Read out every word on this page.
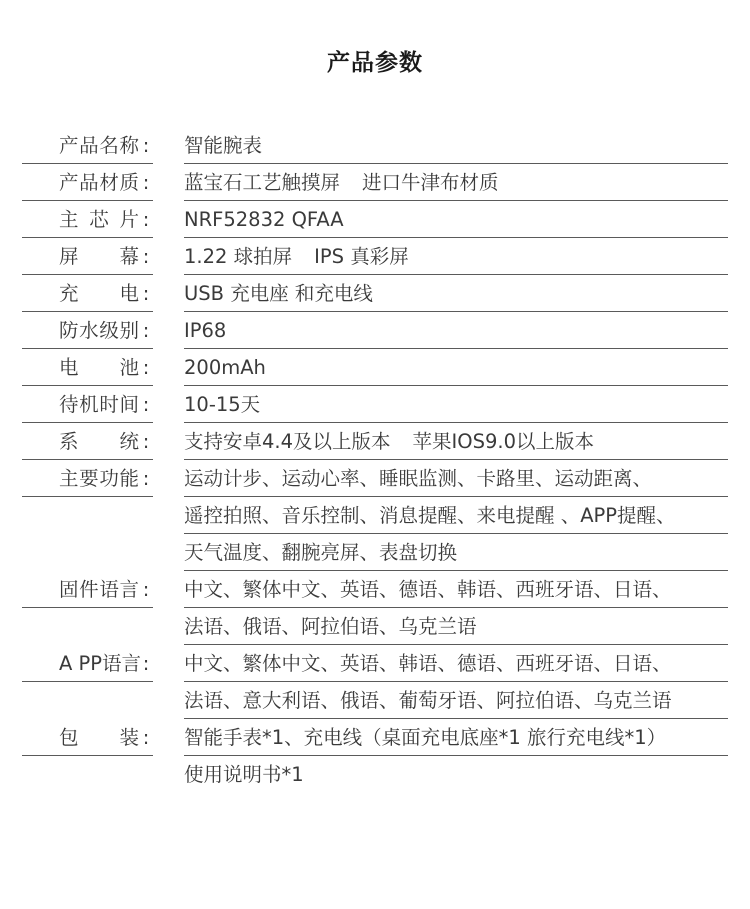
产品参数
产品名称 : 智能腕表
产品材质 : 蓝宝石工艺触摸屏 进口牛津布材质
主 芯 片 : NRF52832 QFAA
屏　　幕 : 1.22 球拍屏 IPS 真彩屏
充　　电 : USB 充电座 和充电线
防水级别 : IP68
电　　池 : 200mAh
待机时间 : 10-15天
系　　统 : 支持安卓4.4及以上版本 苹果IOS9.0以上版本
主要功能 : 运动计步、运动心率、睡眠监测、卡路里、运动距离、
遥控拍照、音乐控制、消息提醒、来电提醒 、APP提醒、
天气温度、翻腕亮屏、表盘切换
固件语言 : 中文、繁体中文、英语、德语、韩语、西班牙语、日语、
法语、俄语、阿拉伯语、乌克兰语
A PP语言: 中文、繁体中文、英语、韩语、德语、西班牙语、日语、
法语、意大利语、俄语、葡萄牙语、阿拉伯语、乌克兰语
包　　装 : 智能手表*1、充电线（桌面充电底座*1 旅行充电线*1）
使用说明书*1
